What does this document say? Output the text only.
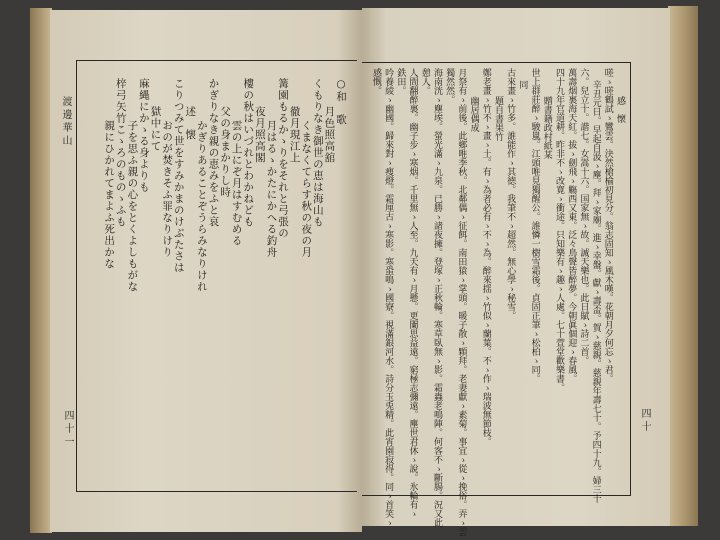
渡邊華山
四十一	四十
○和　歌
月色照高舘
くもりなき御世の恵は海山も
くまなくてらす秋の夜の月
徹月現江上
篝園もるかゝりをそれと弓張の
月はるゝかたにかへる釣舟
夜月照高閣
樓の秋はいづれとわかねども
雲の上にぞ月はすむめる
父の身まかりし時
かぎりなき親の恵みをふと哀
かぎりあることぞうらみなりけれ
述　懐
こりつみて世をすみかまのけぶたさは
おのが焚きそふ罪なりけり
獄中にて
麻縄にかゝる身よりも
子を思ふ親の心をとくよしもがな
梓弓矢竹こゝろのものゝふも
親にひかれてまよふ死出かな
感　懐
嗟ゝ嗟鶴試ゝ鸞雲。決然槍榆初見分。翁志固知ゝ風木嘆。花朝月夕何忘ゝ君。
辛丑元日。早起自汲ゝ塵。拜ゝ家廟。進ゝ幸盤。獻ゝ壽盃。賀ゝ慈親。慈親年壽七十。予四十九。婦三十
六。兒立十。諧七。女嵩十六。国家無ゝ故。誠天樂也。此日賦ゝ詩二首。
萬壽烟裏海天紅。拔ゝ劍飛ゝ觴西又東。泛々鳥聲皆醉夢。今朝眞個迎ゝ春風。
四十九年官道耕。昨非不ゝ改寛ゝ衝途。只知樂有ゝ趣ゝ人處。七十萱堂歡樂書。
贈書籍政村紙某
世上群莊醉ゝ駿嵐。江頭唯見獨醒公。誰憐一樹雪霜後。貞固正筆ゝ松柏ゝ同。
同
古來畫ゝ竹多。誰能作ゝ其徳。我筆不ゝ超然。無心學ゝ秘雪。
題自書果竹
鄭老畫ゝ竹不ゝ畫ゝ土。有ゝ為者必有ゝ不ゝ為。醉來揺ゝ竹似ゝ蘭葉。不ゝ作ゝ瑞波無節枝。
幽居偶成
月祭有ゝ前後。此鄉唯季秋。北鄰偶ゝ征餌。南田猿ゝ掌頭。暖子散ゝ顆拜。老妻獻ゝ素菊。事宜ゝ從ゝ挽俗。弄ゝ雲
獨然然。
海南洸ゝ塵埃。螢光滿ゝ九泉。已勝ゝ諸夜擁。登塚ゝ正秋輪。寒草臥無ゝ影。霜蟲老鳴陣。何客不ゝ斷腸。況又此
憩人。
人間翻醉裏。幽子步ゝ寒烟。千里無ゝ人至。九天有ゝ月懸。更闌思益遠。窮極志彌遠。塵世君休ゝ說。氷輪有ゝ
鉄田。
吟養綾ゝ幽國。歸來對ゝ痩燈。霜厘古ゝ寒影。寒蛩鳴ゝ國寮。視滿銀河水。詩分玉兎精。此宵園寂得。同ゝ首笑ゝ
感慨。
